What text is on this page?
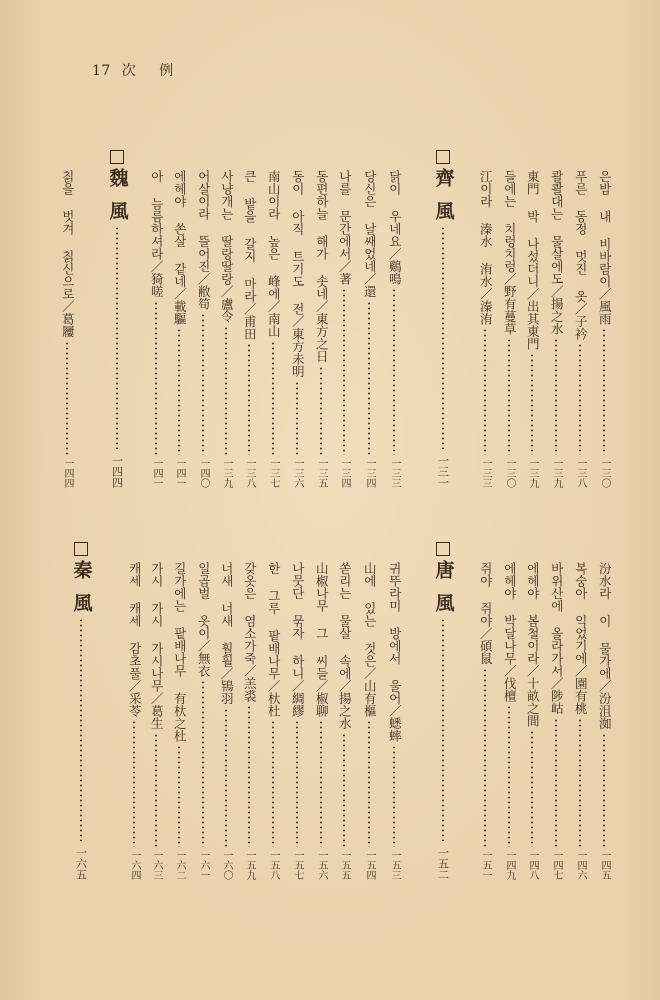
17 次 例
齊
風
一三一
은밤 내 비바람이／風雨
一三〇
푸른 동정 멋진 옷／子衿
一三八
콸콸대는 물살에도／揚之水
一三九
東門 박 나섰더니／出其東門
一三九
들에는 치렁치렁／野有蔓草
一三〇
江이라 溱水 洧水／溱洧
一三三
魏
風
一四四
닭이 우네요／鷄鳴
一三三
당신은 날쌔었네／還
一三四
나를 문간에서／著
一三四
동편하늘 해가 솟네／東方之日
一三五
동이 아직 트기도 전／東方未明
一三六
南山이라 높은 峰에／南山
一三七
큰 밭을 갈지 마라／甫田
一三八
사냥개는 딸랑딸랑／盧令
一三九
어살이라 뜰어진／敝笱
一四〇
에헤야 쏜살 같네／載驅
一四一
아 늠름하셔라／猗嗟
一四一
칡을 벗겨 칡신으로／葛屨
一四四
唐
風
一五二
汾水라 이 물가에／汾沮洳
一四五
복숭아 익었기에／園有桃
一四六
바위산에 올라가서／陟岵
一四七
에헤야 봄철이라／十畝之間
一四八
에헤야 박달나무／伐檀
一四九
쥐야 쥐야／碩鼠
一五一
秦
風
一六五
귀뚜라미 방에서 울어／蟋蟀
一五三
山에 있는 것은／山有樞
一五四
쏟리는 물살 속에／揚之水
一五五
山椒나무 그 씨들／椒聊
一五六
나뭇단 묶자 하니／綢繆
一五七
한 그루 팥배나무／杕杜
一五八
갖옷은 염소가죽／羔裘
一五九
너새 너새 훨훨／鴇羽
一六〇
일곱벌 옷이／無衣
一六一
길가에는 팥배나무 有杕之杜
一六二
가시 가시 가시나무／葛生
一六三
캐세 캐세 감초풀／采苓
一六四
